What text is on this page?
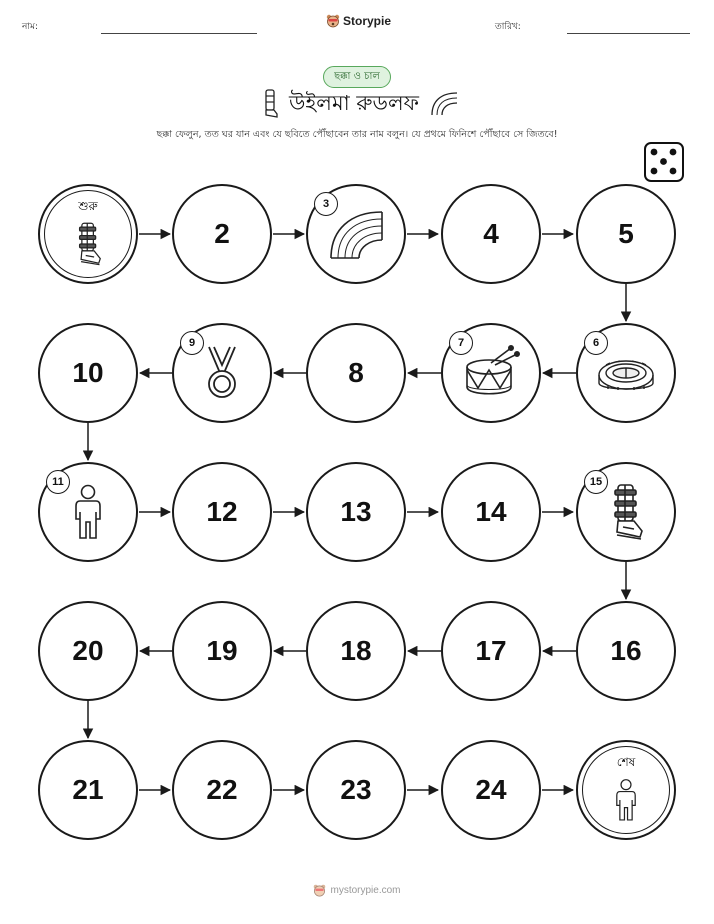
নাম:	Storypie	তারিখ:
ছক্কা ও চাল
উইলমা রুডলফ
ছক্কা ফেলুন, তত ঘর যান এবং যে ছবিতে পৌঁছাবেন তার নাম বলুন। যে প্রথমে ফিনিশে পৌঁছাবে সে জিতবে!
শুরু
2
3
4	5
6
7
8
9
10
11
12	13	14
15
16
17
18
19
20
21	22	23	24
শেষ
mystorypie.com
